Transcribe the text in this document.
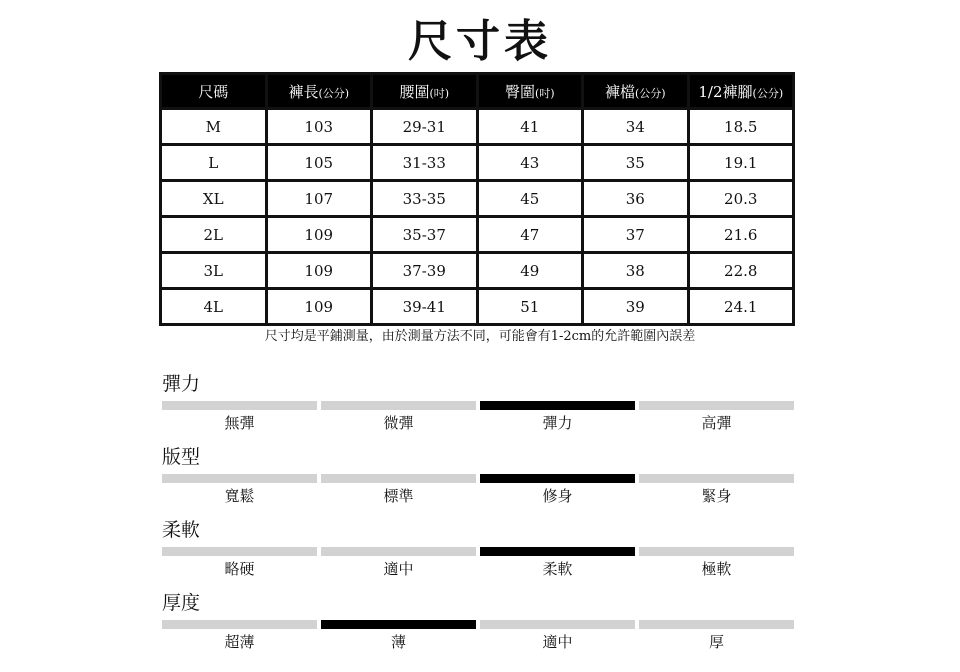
尺寸表
尺碼	褲長(公分)	腰圍(吋)	臀圍(吋)	褲檔(公分)	1/2褲腳(公分)
M	103	29-31	41	34	18.5
L	105	31-33	43	35	19.1
XL	107	33-35	45	36	20.3
2L	109	35-37	47	37	21.6
3L	109	37-39	49	38	22.8
4L	109	39-41	51	39	24.1
尺寸均是平鋪測量，由於測量方法不同，可能會有1-2cm的允許範圍內誤差
彈力
無彈	微彈	彈力	高彈
版型
寬鬆	標準	修身	緊身
柔軟
略硬	適中	柔軟	極軟
厚度
超薄	薄	適中	厚
